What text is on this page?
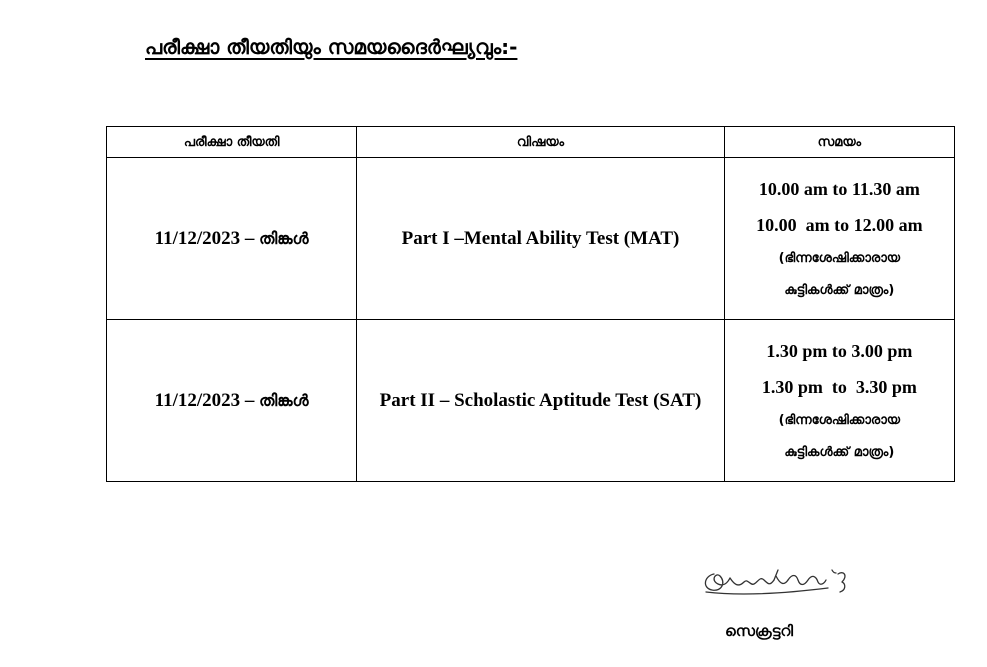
പരീക്ഷാ തീയതിയും സമയദൈർഘ്യവും:-
പരീക്ഷാ തീയതി	വിഷയം	സമയം
11/12/2023 – തിങ്കൾ	Part I –Mental Ability Test (MAT)	10.00 am to 11.30 am
10.00  am to 12.00 am
(ഭിന്നശേഷിക്കാരായ
കുട്ടികൾക്ക് മാത്രം)

11/12/2023 – തിങ്കൾ	Part II – Scholastic Aptitude Test (SAT)	1.30 pm to 3.00 pm
1.30 pm  to  3.30 pm
(ഭിന്നശേഷിക്കാരായ
കുട്ടികൾക്ക് മാത്രം)
സെക്രട്ടറി
